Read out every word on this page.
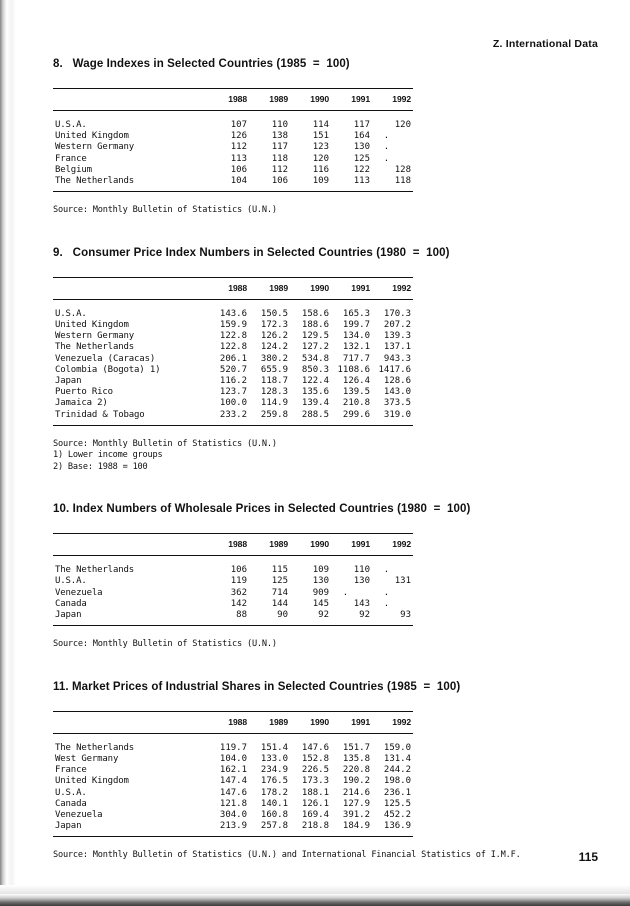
Z. International Data
8.   Wage Indexes in Selected Countries (1985  =  100)
	1988	1989	1990	1991	1992
U.S.A.	107	110	114	117	120
United Kingdom	126	138	151	164	.
Western Germany	112	117	123	130	.
France	113	118	120	125	.
Belgium	106	112	116	122	128
The Netherlands	104	106	109	113	118
Source: Monthly Bulletin of Statistics (U.N.)
9.   Consumer Price Index Numbers in Selected Countries (1980  =  100)
	1988	1989	1990	1991	1992
U.S.A.	143.6	150.5	158.6	165.3	170.3
United Kingdom	159.9	172.3	188.6	199.7	207.2
Western Germany	122.8	126.2	129.5	134.0	139.3
The Netherlands	122.8	124.2	127.2	132.1	137.1
Venezuela (Caracas)	206.1	380.2	534.8	717.7	943.3
Colombia (Bogota) 1)	520.7	655.9	850.3	1108.6	1417.6
Japan	116.2	118.7	122.4	126.4	128.6
Puerto Rico	123.7	128.3	135.6	139.5	143.0
Jamaica 2)	100.0	114.9	139.4	210.8	373.5
Trinidad & Tobago	233.2	259.8	288.5	299.6	319.0
Source: Monthly Bulletin of Statistics (U.N.)
1) Lower income groups
2) Base: 1988 = 100
10. Index Numbers of Wholesale Prices in Selected Countries (1980  =  100)
	1988	1989	1990	1991	1992
The Netherlands	106	115	109	110	.
U.S.A.	119	125	130	130	131
Venezuela	362	714	909	.	.
Canada	142	144	145	143	.
Japan	88	90	92	92	93
Source: Monthly Bulletin of Statistics (U.N.)
11. Market Prices of Industrial Shares in Selected Countries (1985  =  100)
	1988	1989	1990	1991	1992
The Netherlands	119.7	151.4	147.6	151.7	159.0
West Germany	104.0	133.0	152.8	135.8	131.4
France	162.1	234.9	226.5	220.8	244.2
United Kingdom	147.4	176.5	173.3	190.2	198.0
U.S.A.	147.6	178.2	188.1	214.6	236.1
Canada	121.8	140.1	126.1	127.9	125.5
Venezuela	304.0	160.8	169.4	391.2	452.2
Japan	213.9	257.8	218.8	184.9	136.9
Source: Monthly Bulletin of Statistics (U.N.) and International Financial Statistics of I.M.F.	115
